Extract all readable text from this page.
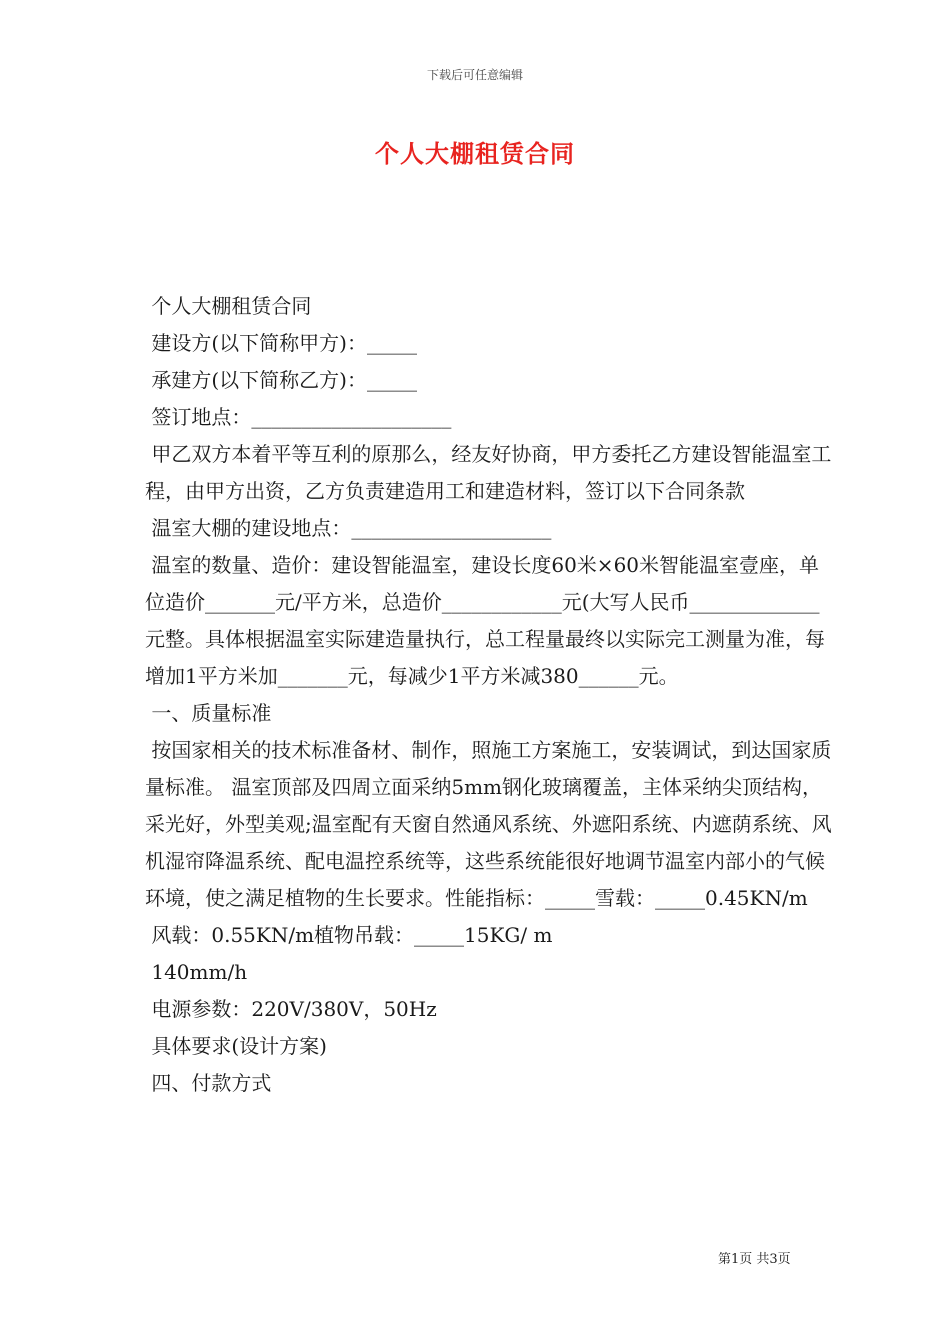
下载后可任意编辑
个人大棚租赁合同

个人大棚租赁合同

建设方(以下简称甲方)：_____

承建方(以下简称乙方)：_____

签订地点：____________________

甲乙双方本着平等互利的原那么，经友好协商，甲方委托乙方建设智能温室工程，由甲方出资，乙方负责建造用工和建造材料，签订以下合同条款

温室大棚的建设地点：____________________

温室的数量、造价：建设智能温室，建设长度60米×60米智能温室壹座，单位造价_______元/平方米，总造价____________元(大写人民币_____________元整。具体根据温室实际建造量执行，总工程量最终以实际完工测量为准，每增加1平方米加_______元，每减少1平方米减380______元。

一、质量标准

按国家相关的技术标准备材、制作，照施工方案施工，安装调试，到达国家质量标准。 温室顶部及四周立面采纳5mm钢化玻璃覆盖，主体采纳尖顶结构，采光好，外型美观;温室配有天窗自然通风系统、外遮阳系统、内遮荫系统、风机湿帘降温系统、配电温控系统等，这些系统能很好地调节温室内部小的气候环境，使之满足植物的生长要求。性能指标：_____雪载：_____0.45KN/m

风载：0.55KN/m植物吊载：_____15KG/ m

140mm/h

电源参数：220V/380V，50Hz

具体要求(设计方案)

四、付款方式

第1页 共3页
